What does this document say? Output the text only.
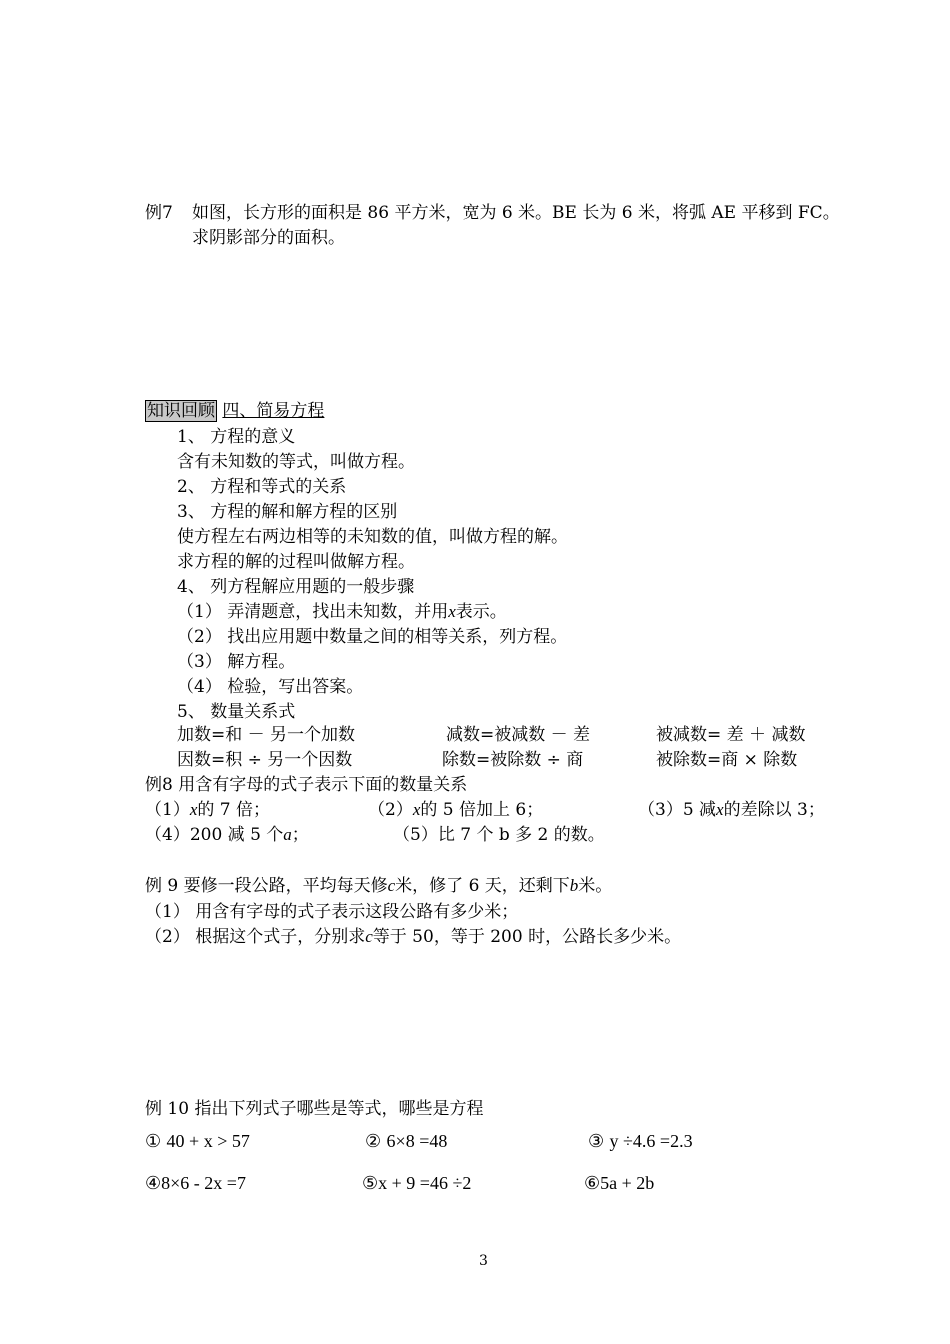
例7 如图，长方形的面积是 86 平方米，宽为 6 米。BE 长为 6 米，将弧 AE 平移到 FC。
求阴影部分的面积。
知识回顾 四、简易方程
1、 方程的意义
含有未知数的等式，叫做方程。
2、 方程和等式的关系
3、 方程的解和解方程的区别
使方程左右两边相等的未知数的值，叫做方程的解。
求方程的解的过程叫做解方程。
4、 列方程解应用题的一般步骤
（1） 弄清题意，找出未知数，并用x表示。
（2） 找出应用题中数量之间的相等关系，列方程。
（3） 解方程。
（4） 检验，写出答案。
5、 数量关系式
加数=和 － 另一个加数	减数=被减数 － 差	被减数= 差 ＋ 减数
因数=积 ÷ 另一个因数	除数=被除数 ÷ 商	被除数=商 × 除数
例8 用含有字母的式子表示下面的数量关系
（1）x的 7 倍；	（2）x的 5 倍加上 6；	（3）5 减x的差除以 3；
（4）200 减 5 个a；	（5）比 7 个 b 多 2 的数。
例 9 要修一段公路，平均每天修c米，修了 6 天，还剩下b米。
（1） 用含有字母的式子表示这段公路有多少米；
（2） 根据这个式子，分别求c等于 50，等于 200 时，公路长多少米。
例 10 指出下列式子哪些是等式，哪些是方程
① 40 + x > 57	② 6×8 =48	③ y ÷4.6 =2.3
④8×6 - 2x =7	⑤x + 9 =46 ÷2	⑥5a + 2b
3
